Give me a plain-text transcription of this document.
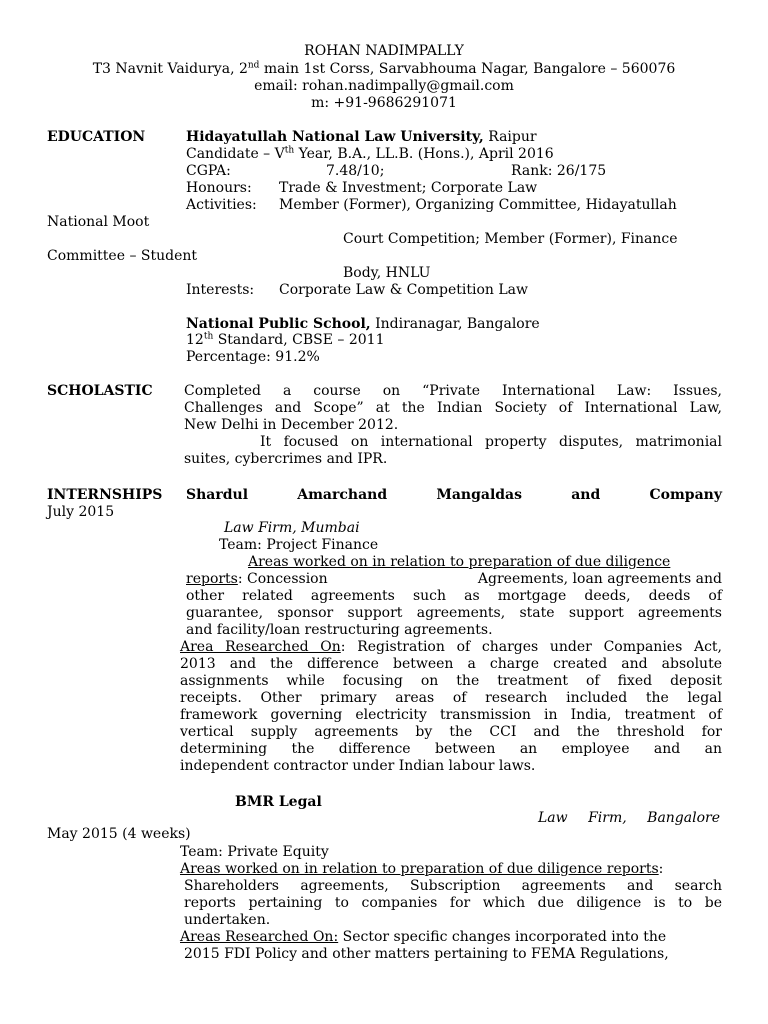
ROHAN NADIMPALLY
T3 Navnit Vaidurya, 2nd main 1st Corss, Sarvabhouma Nagar, Bangalore – 560076
email: rohan.nadimpally@gmail.com
m: +91-9686291071
EDUCATION	Hidayatullah National Law University, Raipur
Candidate – Vth Year, B.A., LL.B. (Hons.), April 2016
CGPA:	7.48/10;	Rank: 26/175
Honours: Trade & Investment; Corporate Law
Activities: Member (Former), Organizing Committee, Hidayatullah
National Moot
Court Competition; Member (Former), Finance
Committee – Student
Body, HNLU
Interests: Corporate Law & Competition Law
National Public School, Indiranagar, Bangalore
12th Standard, CBSE – 2011
Percentage: 91.2%
SCHOLASTIC Completed a course on “Private International Law: Issues,
Challenges and Scope” at the Indian Society of International Law,
New Delhi in December 2012.
It focused on international property disputes, matrimonial
suites, cybercrimes and IPR.
INTERNSHIPS Shardul	Amarchand	Mangaldas	and	Company
July 2015
Law Firm, Mumbai
Team: Project Finance
Areas worked on in relation to preparation of due diligence
reports: Concession	Agreements, loan agreements and
other related agreements such as mortgage deeds, deeds of
guarantee, sponsor support agreements, state support agreements
and facility/loan restructuring agreements.
Area Researched On: Registration of charges under Companies Act,
2013 and the difference between a charge created and absolute
assignments while focusing on the treatment of fixed deposit
receipts. Other primary areas of research included the legal
framework governing electricity transmission in India, treatment of
vertical supply agreements by the CCI and the threshold for
determining the difference between an employee and an
independent contractor under Indian labour laws.
BMR Legal
Law Firm, Bangalore
May 2015 (4 weeks)
Team: Private Equity
Areas worked on in relation to preparation of due diligence reports:
Shareholders agreements, Subscription agreements and search
reports pertaining to companies for which due diligence is to be
undertaken.
Areas Researched On: Sector specific changes incorporated into the
2015 FDI Policy and other matters pertaining to FEMA Regulations,
